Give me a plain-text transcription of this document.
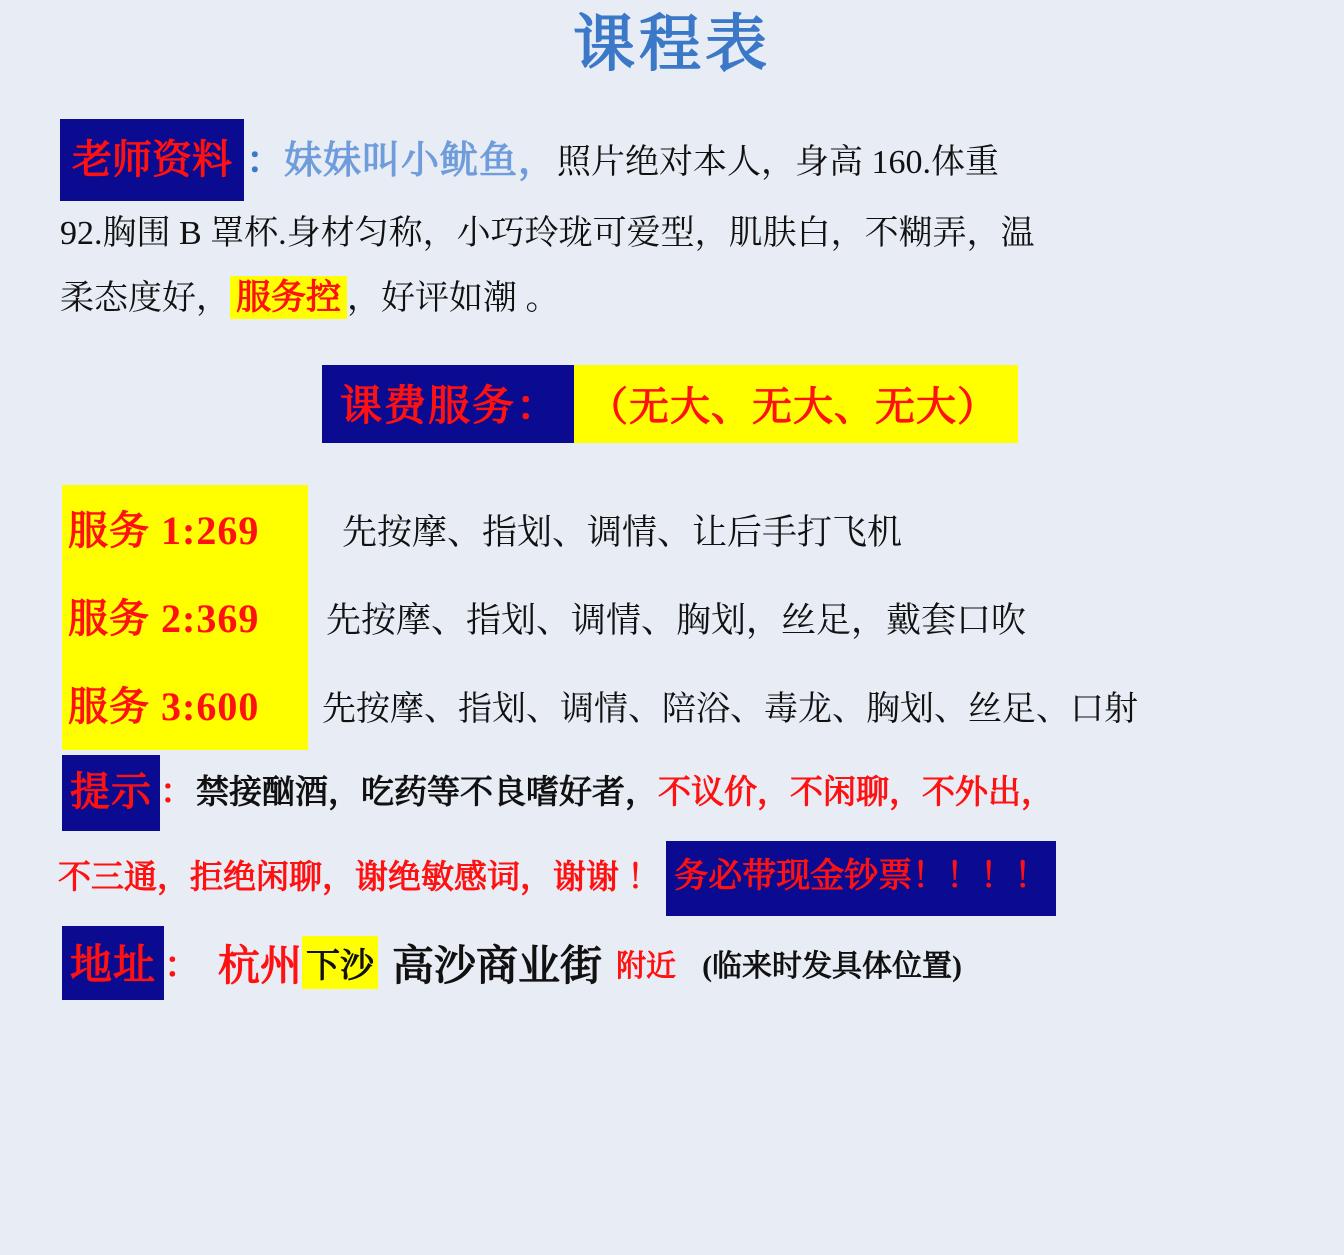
课程表
老师资料 ：妹妹叫小鱿鱼，照片绝对本人，身高 160.体重
92.胸围 B 罩杯.身材匀称，小巧玲珑可爱型，肌肤白，不糊弄，温
柔态度好， 服务控 ，好评如潮 。
课费服务： （无大、无大、无大）
服务 1:269	先按摩、指划、调情、让后手打飞机
服务 2:369	先按摩、指划、调情、胸划，丝足，戴套口吹
服务 3:600	先按摩、指划、调情、陪浴、毒龙、胸划、丝足、口射
提示 ： 禁接酗酒，吃药等不良嗜好者， 不议价，不闲聊，不外出，
不三通，拒绝闲聊，谢绝敏感词，谢谢 ！ 务必带现金钞票！！！！
地址 ： 杭州 下沙 高沙商业街 附近 (临来时发具体位置)
